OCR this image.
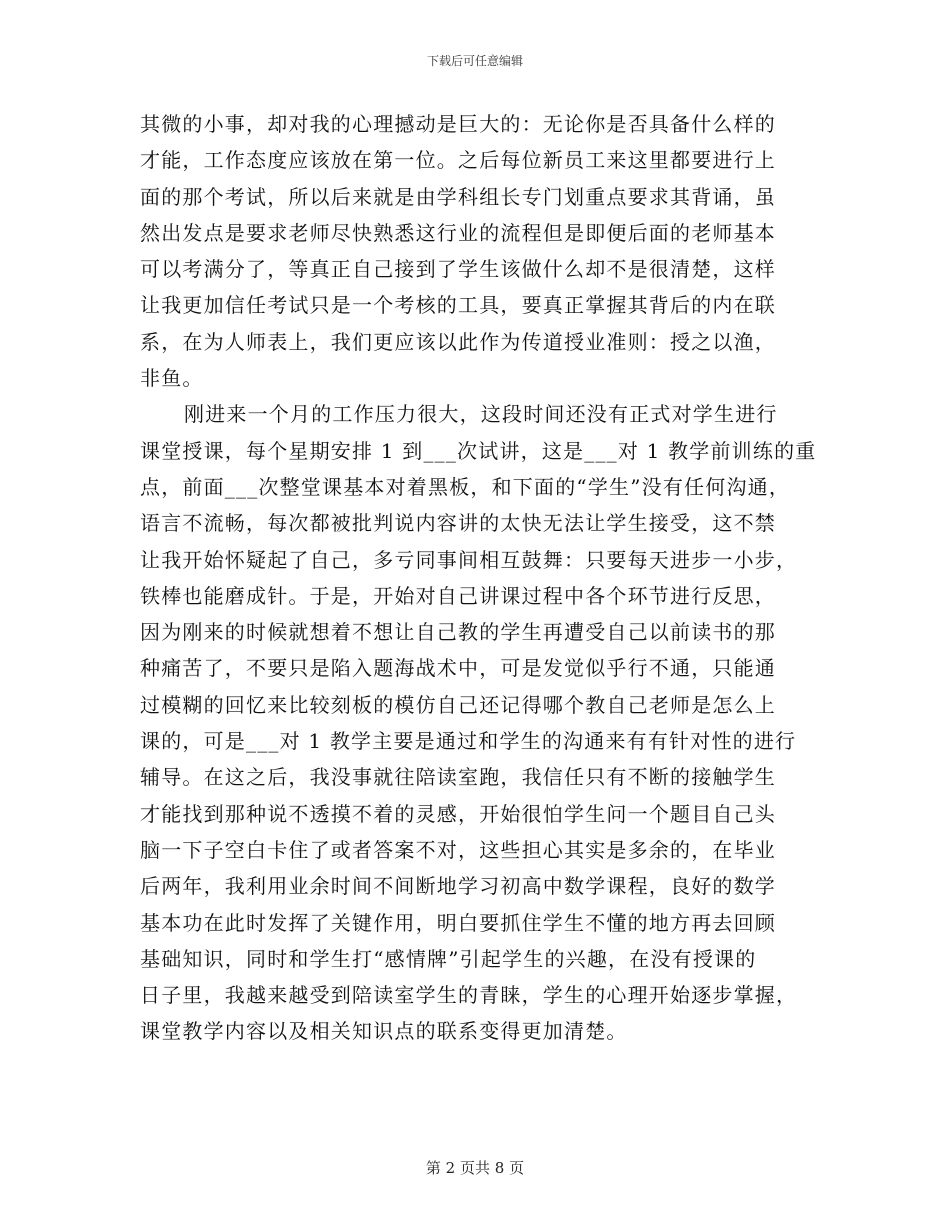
下载后可任意编辑
其微的小事，却对我的心理撼动是巨大的：无论你是否具备什么样的
才能，工作态度应该放在第一位。之后每位新员工来这里都要进行上
面的那个考试，所以后来就是由学科组长专门划重点要求其背诵，虽
然出发点是要求老师尽快熟悉这行业的流程但是即便后面的老师基本
可以考满分了，等真正自己接到了学生该做什么却不是很清楚，这样
让我更加信任考试只是一个考核的工具，要真正掌握其背后的内在联
系，在为人师表上，我们更应该以此作为传道授业准则：授之以渔，
非鱼。
刚进来一个月的工作压力很大，这段时间还没有正式对学生进行
课堂授课，每个星期安排 1 到___次试讲，这是___对 1 教学前训练的重
点，前面___次整堂课基本对着黑板，和下面的“学生”没有任何沟通，
语言不流畅，每次都被批判说内容讲的太快无法让学生接受，这不禁
让我开始怀疑起了自己，多亏同事间相互鼓舞：只要每天进步一小步，
铁棒也能磨成针。于是，开始对自己讲课过程中各个环节进行反思，
因为刚来的时候就想着不想让自己教的学生再遭受自己以前读书的那
种痛苦了，不要只是陷入题海战术中，可是发觉似乎行不通，只能通
过模糊的回忆来比较刻板的模仿自己还记得哪个教自己老师是怎么上
课的，可是___对 1 教学主要是通过和学生的沟通来有有针对性的进行
辅导。在这之后，我没事就往陪读室跑，我信任只有不断的接触学生
才能找到那种说不透摸不着的灵感，开始很怕学生问一个题目自己头
脑一下子空白卡住了或者答案不对，这些担心其实是多余的，在毕业
后两年，我利用业余时间不间断地学习初高中数学课程，良好的数学
基本功在此时发挥了关键作用，明白要抓住学生不懂的地方再去回顾
基础知识，同时和学生打“感情牌”引起学生的兴趣，在没有授课的
日子里，我越来越受到陪读室学生的青睐，学生的心理开始逐步掌握，
课堂教学内容以及相关知识点的联系变得更加清楚。
第 2 页共 8 页
